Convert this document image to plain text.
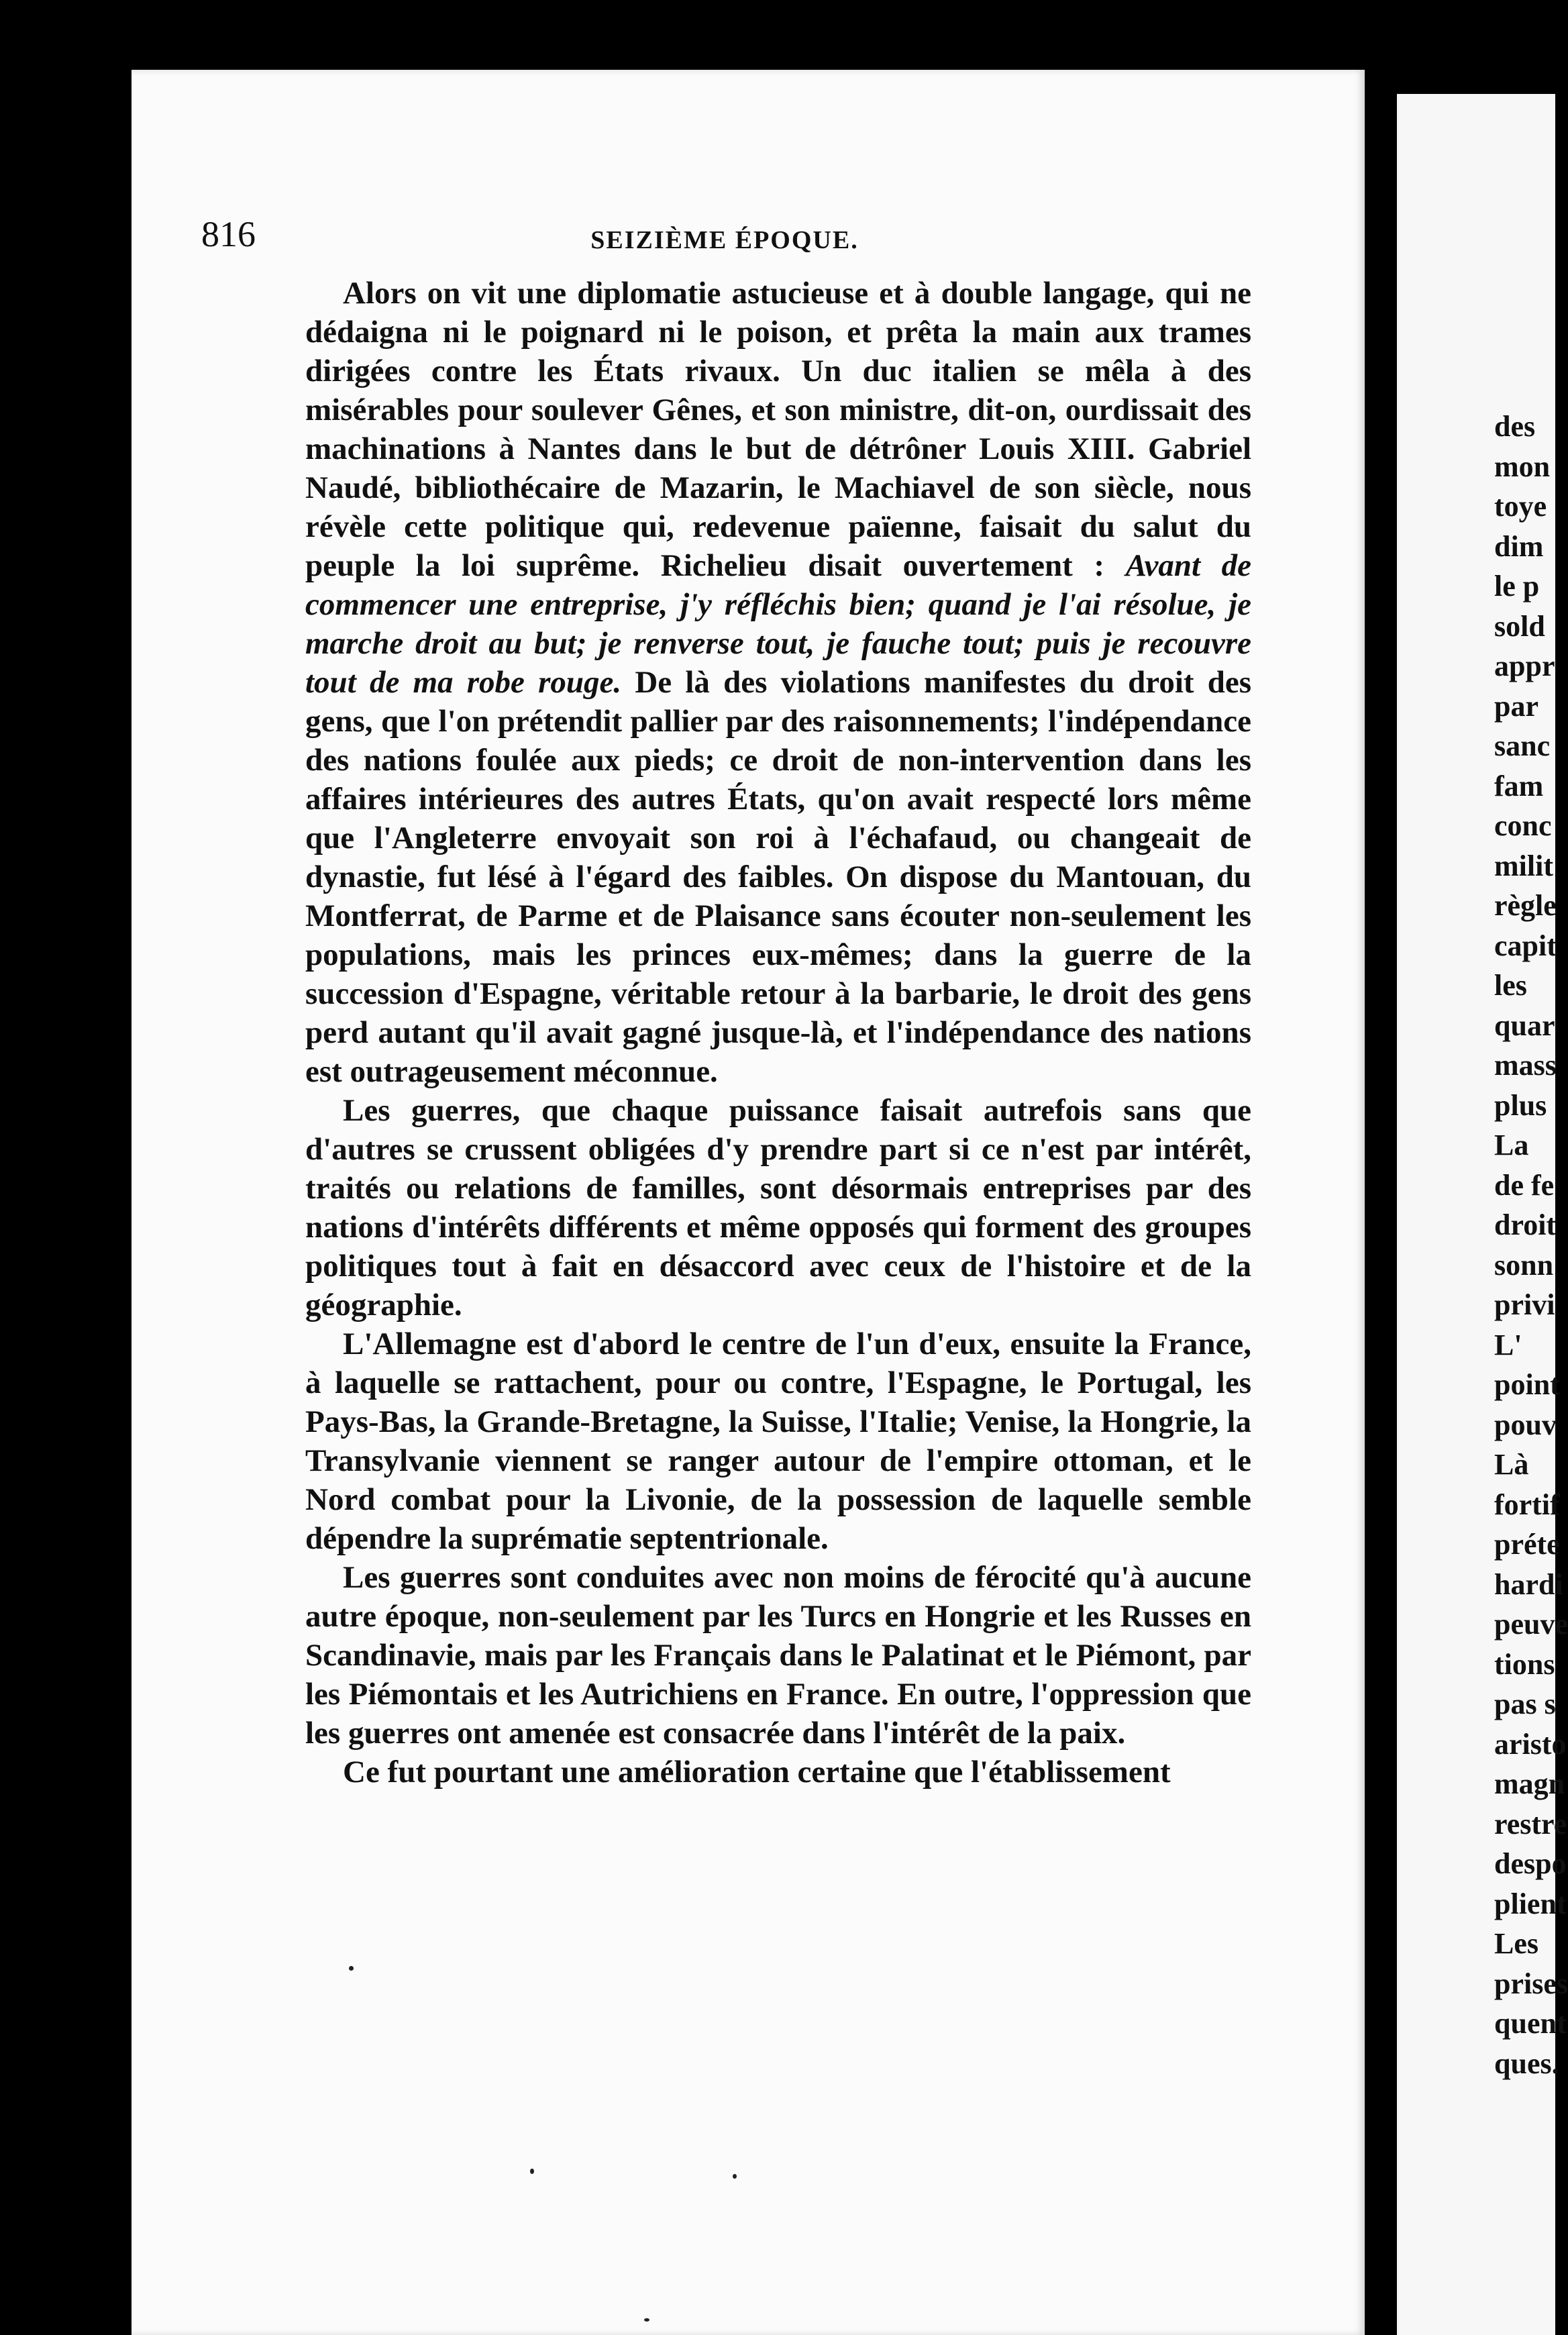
816	SEIZIÈME ÉPOQUE.

Alors on vit une diplomatie astucieuse et à double langage, qui ne dédaigna ni le poignard ni le poison, et prêta la main aux trames dirigées contre les États rivaux. Un duc italien se mêla à des misérables pour soulever Gênes, et son ministre, dit-on, ourdissait des machinations à Nantes dans le but de détrôner Louis XIII. Gabriel Naudé, bibliothécaire de Mazarin, le Machiavel de son siècle, nous révèle cette politique qui, redevenue païenne, faisait du salut du peuple la loi suprême. Richelieu disait ouvertement : Avant de commencer une entreprise, j'y réfléchis bien; quand je l'ai résolue, je marche droit au but; je renverse tout, je fauche tout; puis je recouvre tout de ma robe rouge. De là des violations manifestes du droit des gens, que l'on prétendit pallier par des raisonnements; l'indépendance des nations foulée aux pieds; ce droit de non-intervention dans les affaires intérieures des autres États, qu'on avait respecté lors même que l'Angleterre envoyait son roi à l'échafaud, ou changeait de dynastie, fut lésé à l'égard des faibles. On dispose du Mantouan, du Montferrat, de Parme et de Plaisance sans écouter non-seulement les populations, mais les princes eux-mêmes; dans la guerre de la succession d'Espagne, véritable retour à la barbarie, le droit des gens perd autant qu'il avait gagné jusque-là, et l'indépendance des nations est outrageusement méconnue.

Les guerres, que chaque puissance faisait autrefois sans que d'autres se crussent obligées d'y prendre part si ce n'est par intérêt, traités ou relations de familles, sont désormais entreprises par des nations d'intérêts différents et même opposés qui forment des groupes politiques tout à fait en désaccord avec ceux de l'histoire et de la géographie.

L'Allemagne est d'abord le centre de l'un d'eux, ensuite la France, à laquelle se rattachent, pour ou contre, l'Espagne, le Portugal, les Pays-Bas, la Grande-Bretagne, la Suisse, l'Italie; Venise, la Hongrie, la Transylvanie viennent se ranger autour de l'empire ottoman, et le Nord combat pour la Livonie, de la possession de laquelle semble dépendre la suprématie septentrionale.

Les guerres sont conduites avec non moins de férocité qu'à aucune autre époque, non-seulement par les Turcs en Hongrie et les Russes en Scandinavie, mais par les Français dans le Palatinat et le Piémont, par les Piémontais et les Autrichiens en France. En outre, l'oppression que les guerres ont amenée est consacrée dans l'intérêt de la paix.

Ce fut pourtant une amélioration certaine que l'établissement

des
mon
toye
dim
le p
sold
appr
par
sanc
fam
conc
milit
règle
capit
les
quar
mass
plus
La
de fe
droit
sonn
privi
L'
point
pouv
Là
fortif
préte
hardi
peuve
tions
pas s
aristo
magn
restre
despo
plient
Les
prises
quent
ques.
